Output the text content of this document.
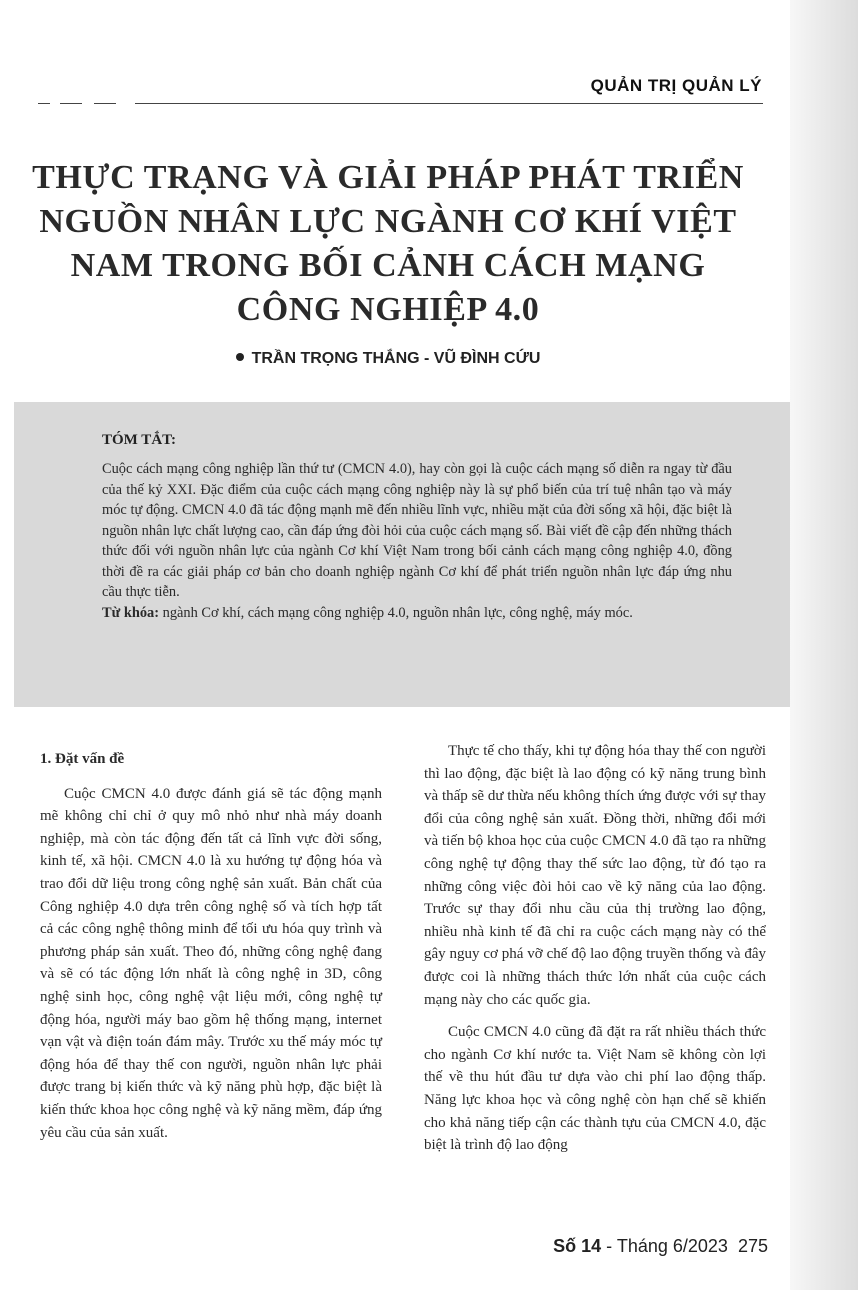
QUẢN TRỊ QUẢN LÝ
THỰC TRẠNG VÀ GIẢI PHÁP PHÁT TRIỂN NGUỒN NHÂN LỰC NGÀNH CƠ KHÍ VIỆT NAM TRONG BỐI CẢNH CÁCH MẠNG CÔNG NGHIỆP 4.0
TRẦN TRỌNG THẮNG - VŨ ĐÌNH CỨU
TÓM TẮT:

Cuộc cách mạng công nghiệp lần thứ tư (CMCN 4.0), hay còn gọi là cuộc cách mạng số diễn ra ngay từ đầu của thế kỷ XXI. Đặc điểm của cuộc cách mạng công nghiệp này là sự phổ biến của trí tuệ nhân tạo và máy móc tự động. CMCN 4.0 đã tác động mạnh mẽ đến nhiều lĩnh vực, nhiều mặt của đời sống xã hội, đặc biệt là nguồn nhân lực chất lượng cao, cần đáp ứng đòi hỏi của cuộc cách mạng số. Bài viết đề cập đến những thách thức đối với nguồn nhân lực của ngành Cơ khí Việt Nam trong bối cảnh cách mạng công nghiệp 4.0, đồng thời đề ra các giải pháp cơ bản cho doanh nghiệp ngành Cơ khí để phát triển nguồn nhân lực đáp ứng nhu cầu thực tiễn.

Từ khóa: ngành Cơ khí, cách mạng công nghiệp 4.0, nguồn nhân lực, công nghệ, máy móc.

1. Đặt vấn đề

Cuộc CMCN 4.0 được đánh giá sẽ tác động mạnh mẽ không chỉ chỉ ở quy mô nhỏ như nhà máy doanh nghiệp, mà còn tác động đến tất cả lĩnh vực đời sống, kinh tế, xã hội. CMCN 4.0 là xu hướng tự động hóa và trao đổi dữ liệu trong công nghệ sản xuất. Bản chất của Công nghiệp 4.0 dựa trên công nghệ số và tích hợp tất cả các công nghệ thông minh để tối ưu hóa quy trình và phương pháp sản xuất. Theo đó, những công nghệ đang và sẽ có tác động lớn nhất là công nghệ in 3D, công nghệ sinh học, công nghệ vật liệu mới, công nghệ tự động hóa, người máy bao gồm hệ thống mạng, internet vạn vật và điện toán đám mây. Trước xu thế máy móc tự động hóa để thay thế con người, nguồn nhân lực phải được trang bị kiến thức và kỹ năng phù hợp, đặc biệt là kiến thức khoa học công nghệ và kỹ năng mềm, đáp ứng yêu cầu của sản xuất.

Thực tế cho thấy, khi tự động hóa thay thế con người thì lao động, đặc biệt là lao động có kỹ năng trung bình và thấp sẽ dư thừa nếu không thích ứng được với sự thay đổi của công nghệ sản xuất. Đồng thời, những đổi mới và tiến bộ khoa học của cuộc CMCN 4.0 đã tạo ra những công nghệ tự động thay thế sức lao động, từ đó tạo ra những công việc đòi hỏi cao về kỹ năng của lao động. Trước sự thay đổi nhu cầu của thị trường lao động, nhiều nhà kinh tế đã chỉ ra cuộc cách mạng này có thể gây nguy cơ phá vỡ chế độ lao động truyền thống và đây được coi là những thách thức lớn nhất của cuộc cách mạng này cho các quốc gia.

Cuộc CMCN 4.0 cũng đã đặt ra rất nhiều thách thức cho ngành Cơ khí nước ta. Việt Nam sẽ không còn lợi thế về thu hút đầu tư dựa vào chi phí lao động thấp. Năng lực khoa học và công nghệ còn hạn chế sẽ khiến cho khả năng tiếp cận các thành tựu của CMCN 4.0, đặc biệt là trình độ lao động

Số 14 - Tháng 6/2023 275
